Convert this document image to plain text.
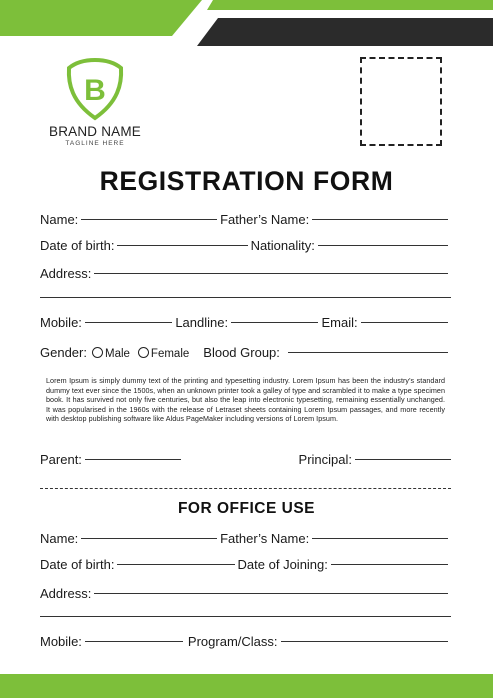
B
BRAND NAME
TAGLINE HERE
REGISTRATION FORM
Name:	Father’s Name:
Date of birth:	Nationality:
Address:
Mobile:	Landline:	Email:
Gender: Male Female Blood Group:
Lorem Ipsum is simply dummy text of the printing and typesetting industry. Lorem Ipsum has been the industry's standard dummy text ever since the 1500s, when an unknown printer took a galley of type and scrambled it to make a type specimen book. It has survived not only five centuries, but also the leap into electronic typesetting, remaining essentially unchanged. It was popularised in the 1960s with the release of Letraset sheets containing Lorem Ipsum passages, and more recently with desktop publishing software like Aldus PageMaker including versions of Lorem Ipsum.
Parent:	Principal:
FOR OFFICE USE
Name:	Father’s Name:
Date of birth:	Date of Joining:
Address:
Mobile:	Program/Class:
